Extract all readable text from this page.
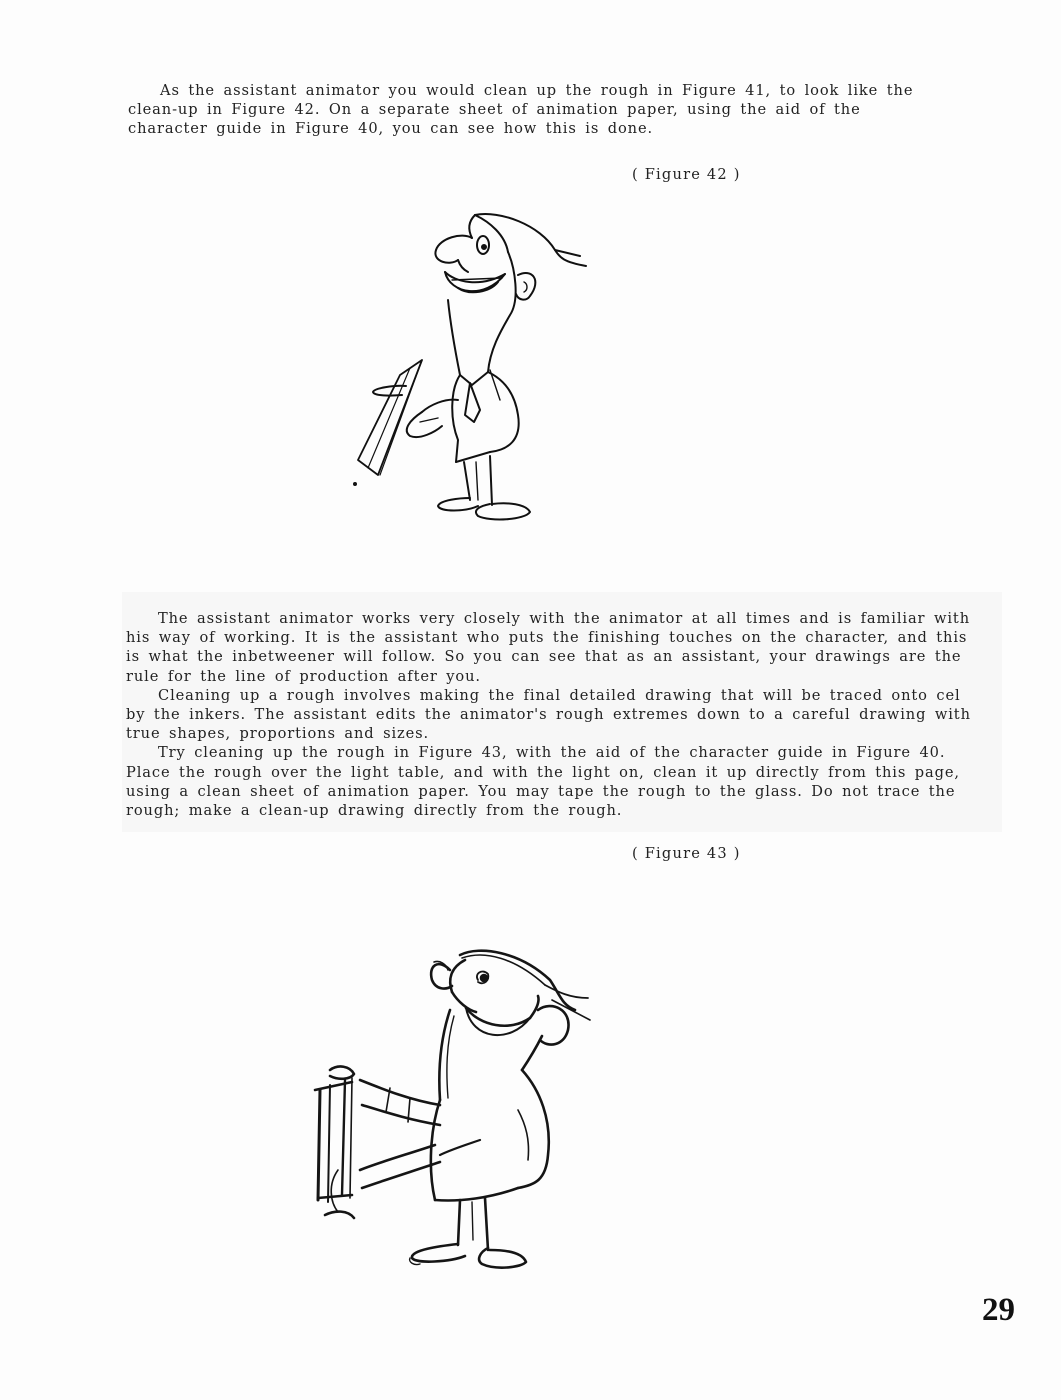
As the assistant animator you would clean up the rough in Figure 41, to look like the clean-up in Figure 42. On a separate sheet of animation paper, using the aid of the character guide in Figure 40, you can see how this is done.

( Figure 42 )

The assistant animator works very closely with the animator at all times and is familiar with his way of working. It is the assistant who puts the finishing touches on the character, and this is what the inbetweener will follow. So you can see that as an assistant, your drawings are the rule for the line of production after you.

Cleaning up a rough involves making the final detailed drawing that will be traced onto cel by the inkers. The assistant edits the animator's rough extremes down to a careful drawing with true shapes, proportions and sizes.

Try cleaning up the rough in Figure 43, with the aid of the character guide in Figure 40. Place the rough over the light table, and with the light on, clean it up directly from this page, using a clean sheet of animation paper. You may tape the rough to the glass. Do not trace the rough; make a clean-up drawing directly from the rough.

( Figure 43 )
29
